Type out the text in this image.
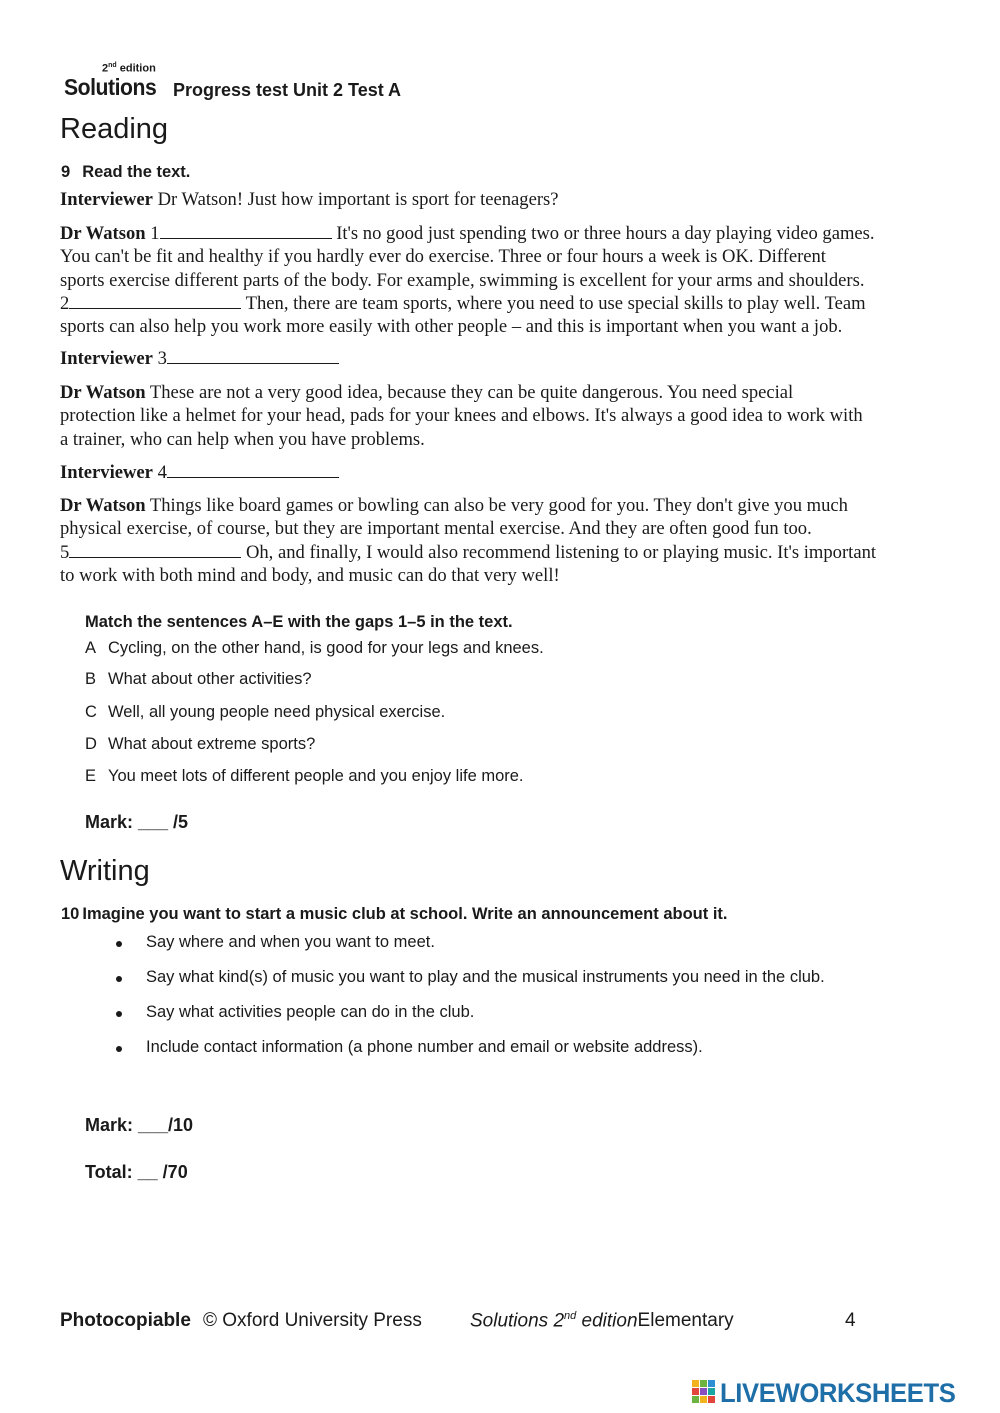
2nd edition
Solutions Progress test Unit 2 Test A
Reading
9 Read the text.

Interviewer Dr Watson! Just how important is sport for teenagers?

Dr Watson 1	It's no good just spending two or three hours a day playing video games.
You can't be fit and healthy if you hardly ever do exercise. Three or four hours a week is OK. Different
sports exercise different parts of the body. For example, swimming is excellent for your arms and shoulders.
2	Then, there are team sports, where you need to use special skills to play well. Team
sports can also help you work more easily with other people – and this is important when you want a job.
Interviewer 3
Dr Watson These are not a very good idea, because they can be quite dangerous. You need special
protection like a helmet for your head, pads for your knees and elbows. It's always a good idea to work with
a trainer, who can help when you have problems.
Interviewer 4
Dr Watson Things like board games or bowling can also be very good for you. They don't give you much
physical exercise, of course, but they are important mental exercise. And they are often good fun too.
5	Oh, and finally, I would also recommend listening to or playing music. It's important
to work with both mind and body, and music can do that very well!
Match the sentences A–E with the gaps 1–5 in the text.
A Cycling, on the other hand, is good for your legs and knees.
B What about other activities?
C Well, all young people need physical exercise.
D What about extreme sports?
E You meet lots of different people and you enjoy life more.
Mark: ___ /5
Writing
10 Imagine you want to start a music club at school. Write an announcement about it.
Say where and when you want to meet.
Say what kind(s) of music you want to play and the musical instruments you need in the club.
Say what activities people can do in the club.
Include contact information (a phone number and email or website address).
Mark: ___/10
Total: __ /70
Photocopiable © Oxford University Press	Solutions 2nd edition Elementary	4
LIVEWORKSHEETS
